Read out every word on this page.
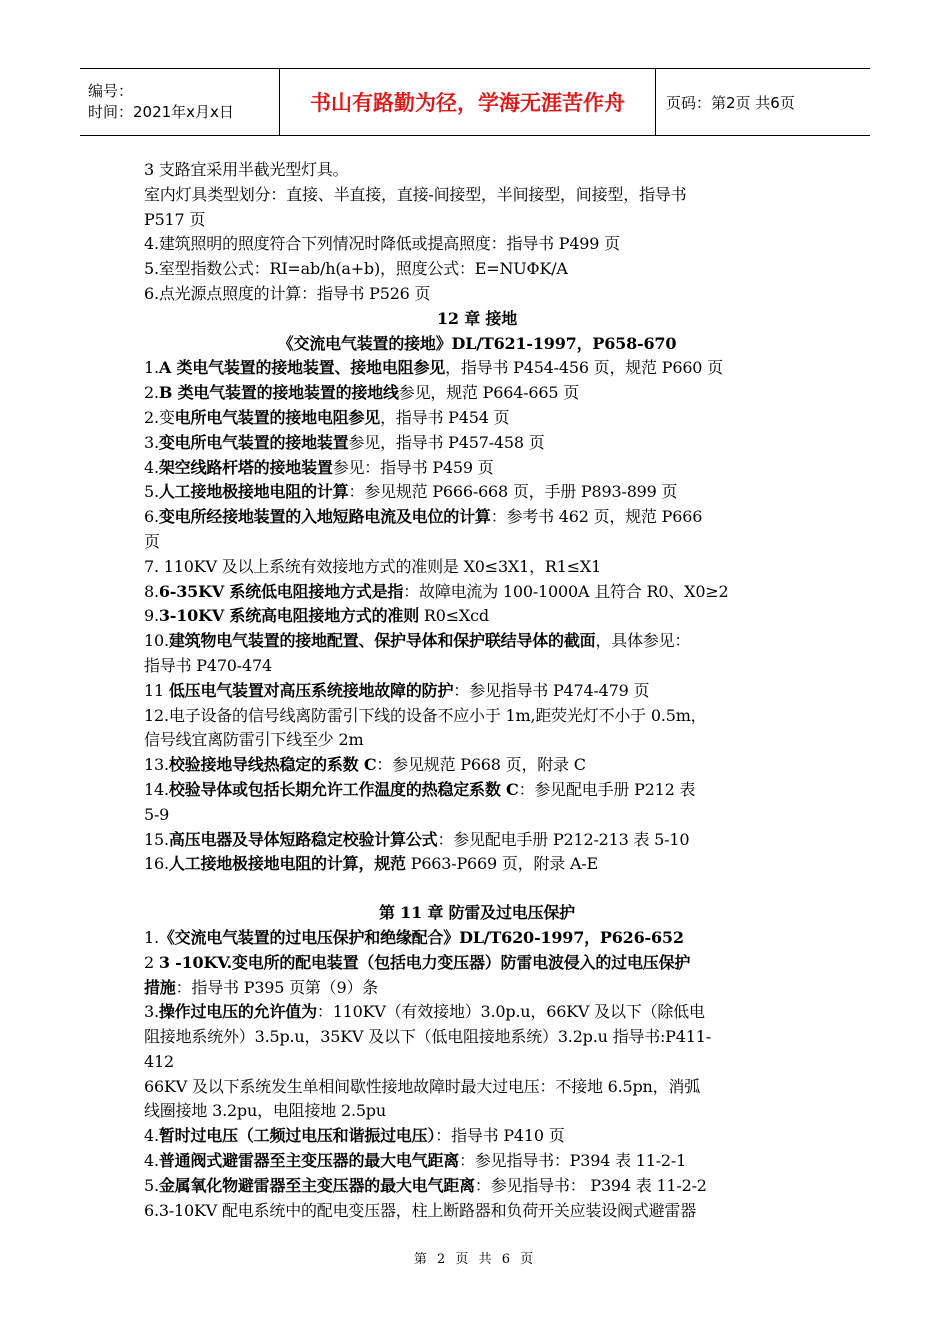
编号：
时间：2021年x月x日	书山有路勤为径，学海无涯苦作舟	页码：第2页 共6页
3 支路宜采用半截光型灯具。
室内灯具类型划分：直接、半直接，直接-间接型，半间接型，间接型，指导书
P517 页
4.建筑照明的照度符合下列情况时降低或提高照度：指导书 P499 页
5.室型指数公式：RI=ab/h(a+b)，照度公式：E=NUΦK/A
6.点光源点照度的计算：指导书 P526 页
12 章 接地
《交流电气装置的接地》DL/T621-1997，P658-670
1.A 类电气装置的接地装置、接地电阻参见，指导书 P454-456 页，规范 P660 页
2.B 类电气装置的接地装置的接地线参见，规范 P664-665 页
2.变电所电气装置的接地电阻参见，指导书 P454 页
3.变电所电气装置的接地装置参见，指导书 P457-458 页
4.架空线路杆塔的接地装置参见：指导书 P459 页
5.人工接地极接地电阻的计算：参见规范 P666-668 页，手册 P893-899 页
6.变电所经接地装置的入地短路电流及电位的计算：参考书 462 页，规范 P666
页
7. 110KV 及以上系统有效接地方式的准则是 X0≤3X1，R1≤X1
8.6-35KV 系统低电阻接地方式是指：故障电流为 100-1000A 且符合 R0、X0≥2
9.3-10KV 系统高电阻接地方式的准则 R0≤Xcd
10.建筑物电气装置的接地配置、保护导体和保护联结导体的截面，具体参见：
指导书 P470-474
11 低压电气装置对高压系统接地故障的防护：参见指导书 P474-479 页
12.电子设备的信号线离防雷引下线的设备不应小于 1m,距荧光灯不小于 0.5m，
信号线宜离防雷引下线至少 2m
13.校验接地导线热稳定的系数 C：参见规范 P668 页，附录 C
14.校验导体或包括长期允许工作温度的热稳定系数 C：参见配电手册 P212 表
5-9
15.高压电器及导体短路稳定校验计算公式：参见配电手册 P212-213 表 5-10
16.人工接地极接地电阻的计算，规范 P663-P669 页，附录 A-E
第 11 章 防雷及过电压保护
1.《交流电气装置的过电压保护和绝缘配合》DL/T620-1997，P626-652
2 3 -10KV.变电所的配电装置（包括电力变压器）防雷电波侵入的过电压保护
措施：指导书 P395 页第（9）条
3.操作过电压的允许值为：110KV（有效接地）3.0p.u，66KV 及以下（除低电
阻接地系统外）3.5p.u，35KV 及以下（低电阻接地系统）3.2p.u 指导书:P411-
412
66KV 及以下系统发生单相间歇性接地故障时最大过电压：不接地 6.5pn，消弧
线圈接地 3.2pu，电阻接地 2.5pu
4.暂时过电压（工频过电压和谐振过电压）：指导书 P410 页
4.普通阀式避雷器至主变压器的最大电气距离：参见指导书：P394 表 11-2-1
5.金属氧化物避雷器至主变压器的最大电气距离：参见指导书： P394 表 11-2-2
6.3-10KV 配电系统中的配电变压器，柱上断路器和负荷开关应装设阀式避雷器
第 2 页 共 6 页
